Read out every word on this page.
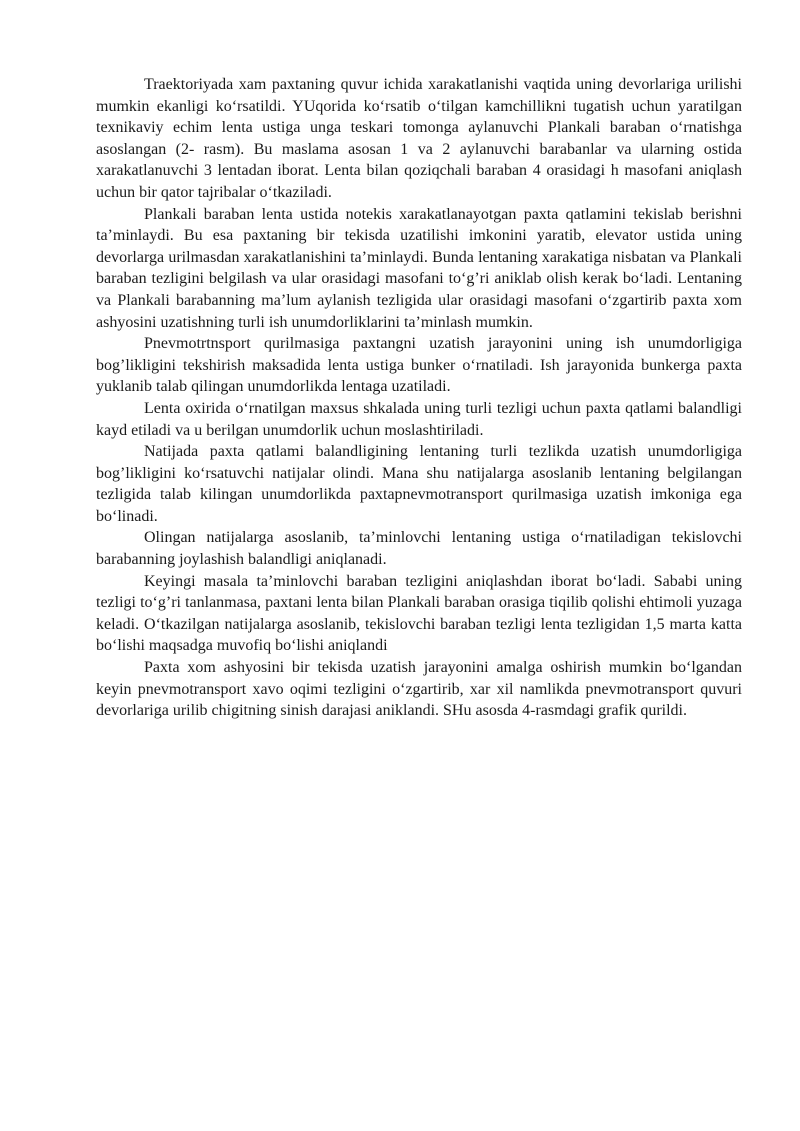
Traektoriyada xam paxtaning quvur ichida xarakatlanishi vaqtida uning devorlariga urilishi mumkin ekanligi ko‘rsatildi. YUqorida ko‘rsatib o‘tilgan kamchillikni tugatish uchun yaratilgan texnikaviy echim lenta ustiga unga teskari tomonga aylanuvchi Plankali baraban o‘rnatishga asoslangan (2- rasm). Bu maslama asosan 1 va 2 aylanuvchi barabanlar va ularning ostida xarakatlanuvchi 3 lentadan iborat. Lenta bilan qoziqchali baraban 4 orasidagi h masofani aniqlash uchun bir qator tajribalar o‘tkaziladi.

Plankali baraban lenta ustida notekis xarakatlanayotgan paxta qatlamini tekislab berishni ta’minlaydi. Bu esa paxtaning bir tekisda uzatilishi imkonini yaratib, elevator ustida uning devorlarga urilmasdan xarakatlanishini ta’minlaydi. Bunda lentaning xarakatiga nisbatan va Plankali baraban tezligini belgilash va ular orasidagi masofani to‘g’ri aniklab olish kerak bo‘ladi. Lentaning va Plankali barabanning ma’lum aylanish tezligida ular orasidagi masofani o‘zgartirib paxta xom ashyosini uzatishning turli ish unumdorliklarini ta’minlash mumkin.

Pnevmotrtnsport qurilmasiga paxtangni uzatish jarayonini uning ish unumdorligiga bog’likligini tekshirish maksadida lenta ustiga bunker o‘rnatiladi. Ish jarayonida bunkerga paxta yuklanib talab qilingan unumdorlikda lentaga uzatiladi.

Lenta oxirida o‘rnatilgan maxsus shkalada uning turli tezligi uchun paxta qatlami balandligi kayd etiladi va u berilgan unumdorlik uchun moslashtiriladi.

Natijada paxta qatlami balandligining lentaning turli tezlikda uzatish unumdorligiga bog’likligini ko‘rsatuvchi natijalar olindi. Mana shu natijalarga asoslanib lentaning belgilangan tezligida talab kilingan unumdorlikda paxtapnevmotransport qurilmasiga uzatish imkoniga ega bo‘linadi.

Olingan natijalarga asoslanib, ta’minlovchi lentaning ustiga o‘rnatiladigan tekislovchi barabanning joylashish balandligi aniqlanadi.

Keyingi masala ta’minlovchi baraban tezligini aniqlashdan iborat bo‘ladi. Sababi uning tezligi to‘g’ri tanlanmasa, paxtani lenta bilan Plankali baraban orasiga tiqilib qolishi ehtimoli yuzaga keladi. O‘tkazilgan natijalarga asoslanib, tekislovchi baraban tezligi lenta tezligidan 1,5 marta katta bo‘lishi maqsadga muvofiq bo‘lishi aniqlandi

Paxta xom ashyosini bir tekisda uzatish jarayonini amalga oshirish mumkin bo‘lgandan keyin pnevmotransport xavo oqimi tezligini o‘zgartirib, xar xil namlikda pnevmotransport quvuri devorlariga urilib chigitning sinish darajasi aniklandi. SHu asosda 4-rasmdagi grafik qurildi.
